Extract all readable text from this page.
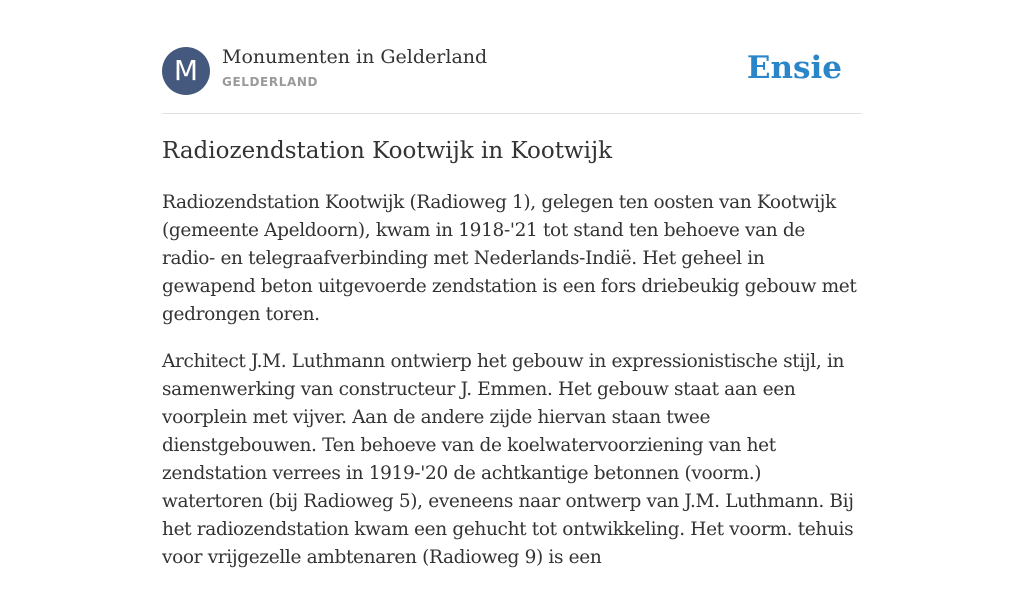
M	Monumenten in Gelderland
GELDERLAND	Ensie
Radiozendstation Kootwijk in Kootwijk

Radiozendstation Kootwijk (Radioweg 1), gelegen ten oosten van Kootwijk (gemeente Apeldoorn), kwam in 1918-'21 tot stand ten behoeve van de radio- en telegraafverbinding met Nederlands-Indië. Het geheel in gewapend beton uitgevoerde zendstation is een fors driebeukig gebouw met gedrongen toren.

Architect J.M. Luthmann ontwierp het gebouw in expressionistische stijl, in samenwerking van constructeur J. Emmen. Het gebouw staat aan een voorplein met vijver. Aan de andere zijde hiervan staan twee dienstgebouwen. Ten behoeve van de koelwatervoorziening van het zendstation verrees in 1919-'20 de achtkantige betonnen (voorm.) watertoren (bij Radioweg 5), eveneens naar ontwerp van J.M. Luthmann. Bij het radiozendstation kwam een gehucht tot ontwikkeling. Het voorm. tehuis voor vrijgezelle ambtenaren (Radioweg 9) is een
